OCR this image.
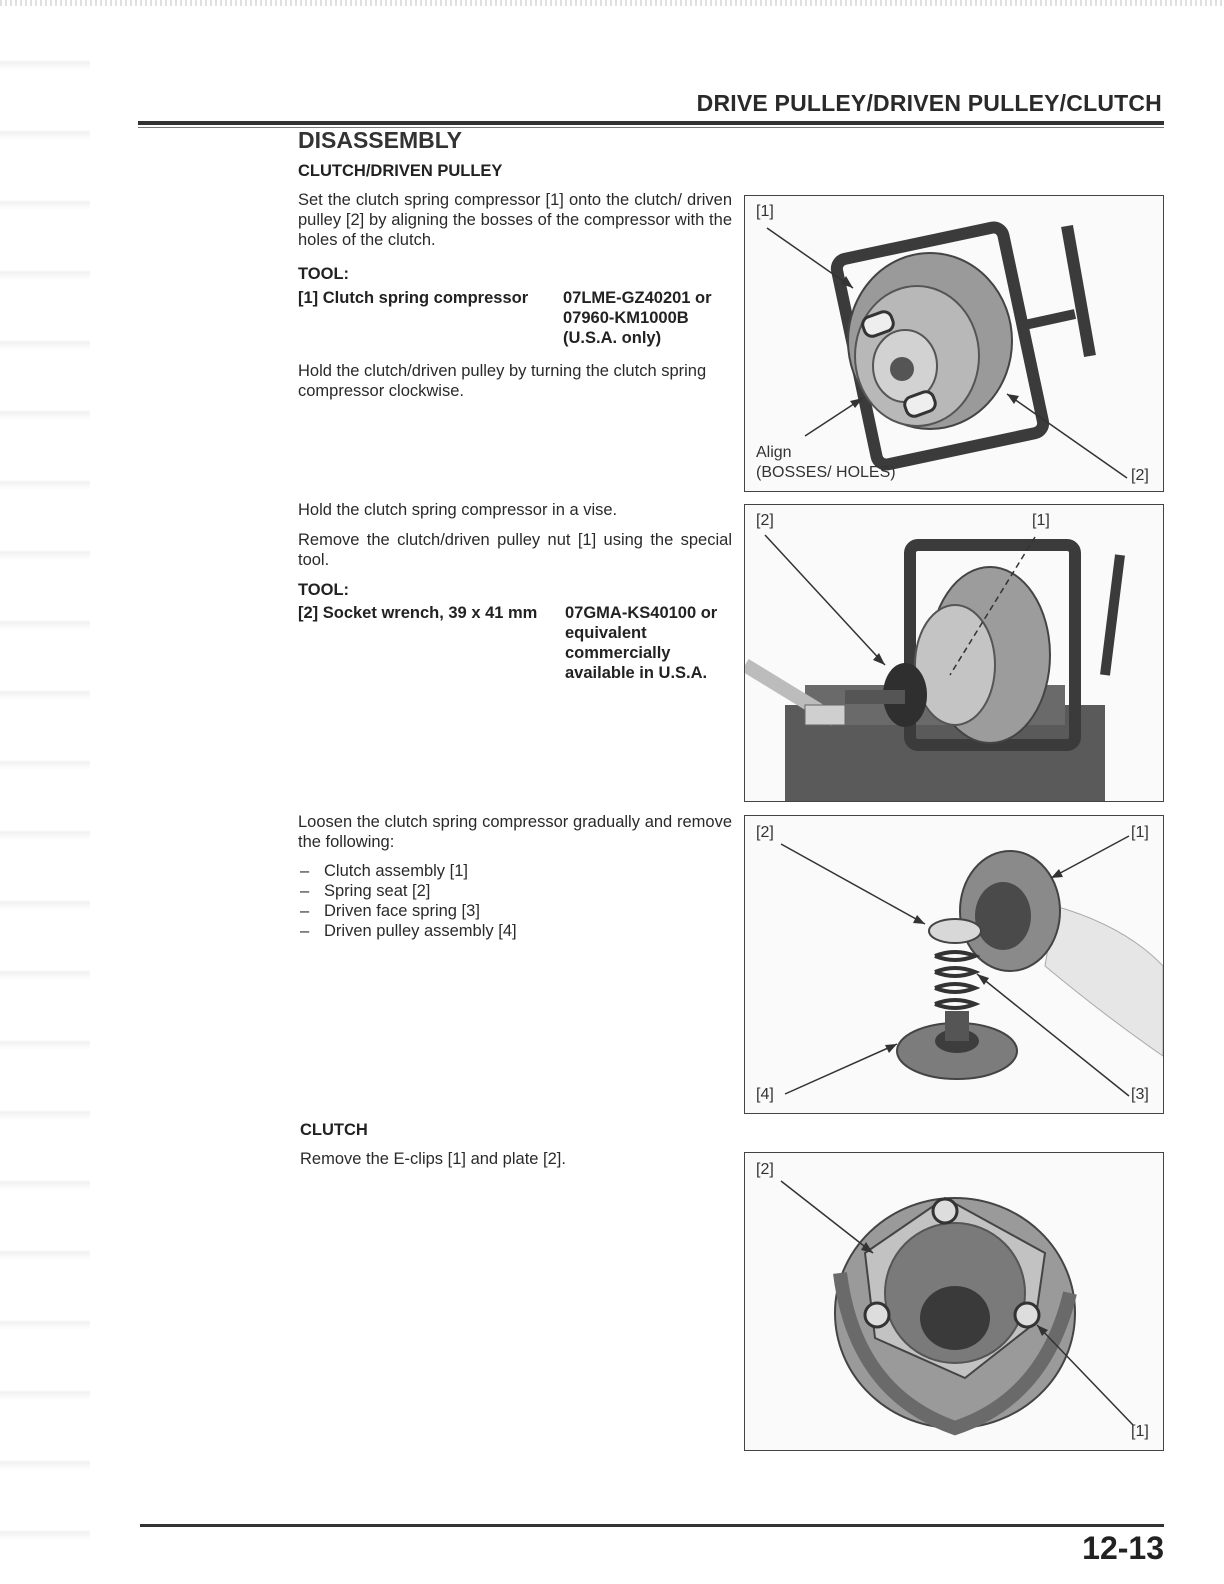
DRIVE PULLEY/DRIVEN PULLEY/CLUTCH
DISASSEMBLY
CLUTCH/DRIVEN PULLEY
Set the clutch spring compressor [1] onto the clutch/ driven pulley [2] by aligning the bosses of the compressor with the holes of the clutch.
TOOL:
[1] Clutch spring compressor 07LME-GZ40201 or
07960-KM1000B
(U.S.A. only)
Hold the clutch/driven pulley by turning the clutch spring compressor clockwise.
Hold the clutch spring compressor in a vise.
Remove the clutch/driven pulley nut [1] using the special tool.
TOOL:
[2] Socket wrench, 39 x 41 mm 07GMA-KS40100 or
equivalent
commercially
available in U.S.A.
Loosen the clutch spring compressor gradually and remove the following:
– Clutch assembly [1]
– Spring seat [2]
– Driven face spring [3]
– Driven pulley assembly [4]
CLUTCH
Remove the E-clips [1] and plate [2].
[1]
Align
(BOSSES/ HOLES)	[2]
[2]	[1]
[2]	[1]
[4]	[3]
[2]
[1]
12-13
